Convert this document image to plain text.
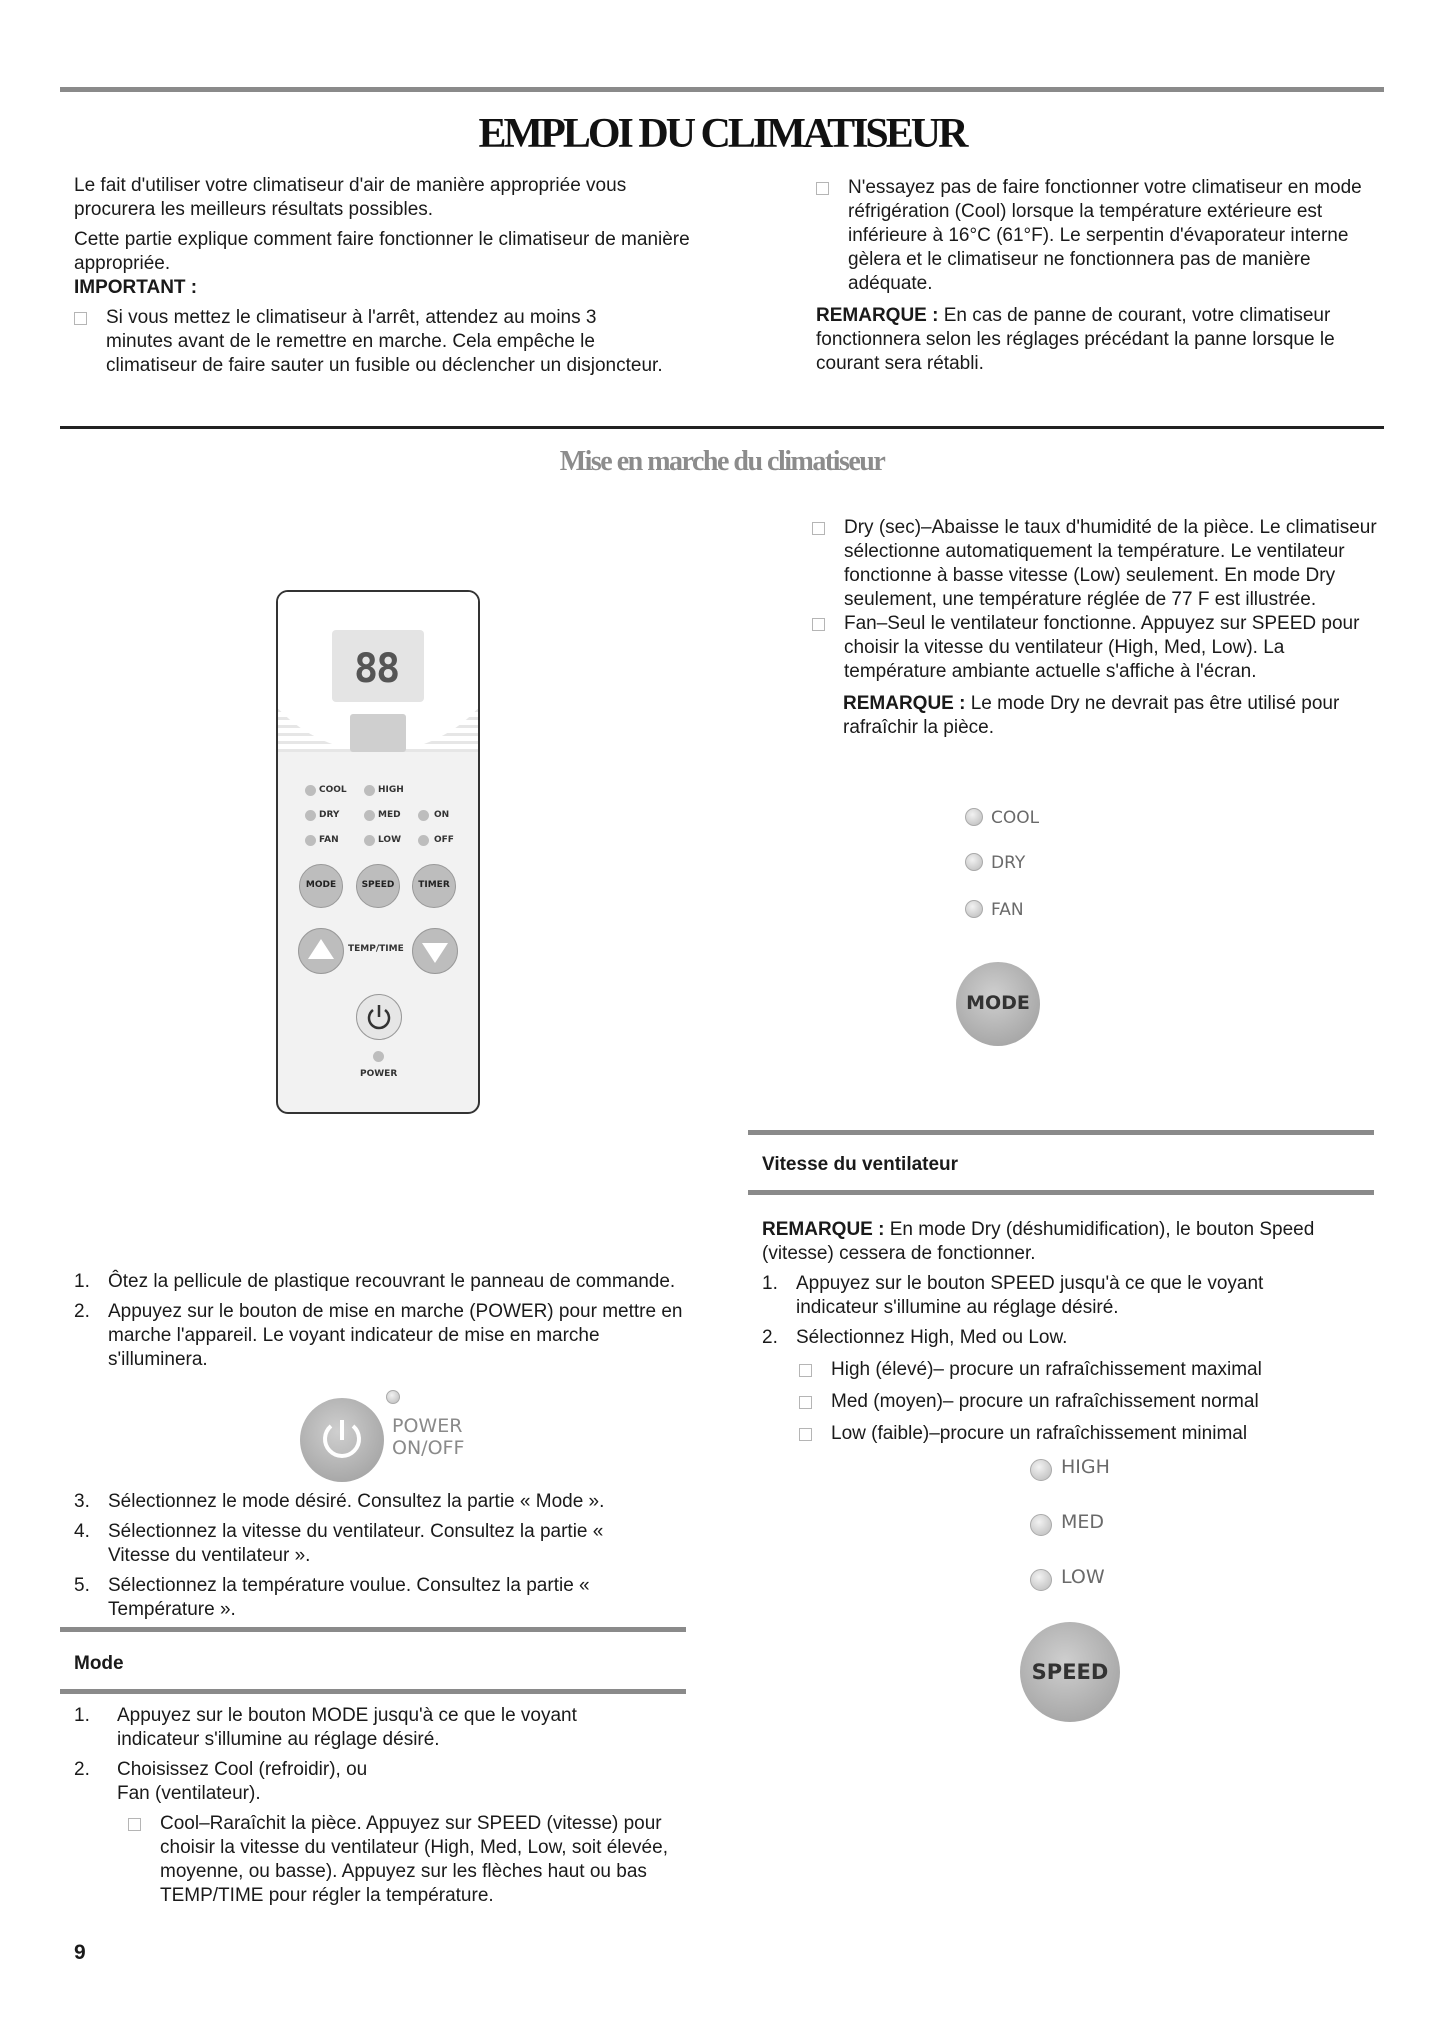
EMPLOI DU CLIMATISEUR

Le fait d'utiliser votre climatiseur d'air de manière appropriée vous procurera les meilleurs résultats possibles.

Cette partie explique comment faire fonctionner le climatiseur de manière appropriée.

IMPORTANT :

Si vous mettez le climatiseur à l'arrêt, attendez au moins 3 minutes avant de le remettre en marche. Cela empêche le climatiseur de faire sauter un fusible ou déclencher un disjoncteur.
N'essayez pas de faire fonctionner votre climatiseur en mode réfrigération (Cool) lorsque la température extérieure est inférieure à 16°C (61°F). Le serpentin d'évaporateur interne gèlera et le climatiseur ne fonctionnera pas de manière adéquate.

REMARQUE : En cas de panne de courant, votre climatiseur fonctionnera selon les réglages précédant la panne lorsque le courant sera rétabli.

Mise en marche du climatiseur
88
COOL	HIGH
DRY	MED	ON
FAN	LOW	OFF
MODE	SPEED	TIMER
TEMP/TIME
POWER
1. Ôtez la pellicule de plastique recouvrant le panneau de commande.
2. Appuyez sur le bouton de mise en marche (POWER) pour mettre en marche l'appareil. Le voyant indicateur de mise en marche s'illuminera.
POWER
ON/OFF
3. Sélectionnez le mode désiré. Consultez la partie « Mode ».
4. Sélectionnez la vitesse du ventilateur. Consultez la partie « Vitesse du ventilateur ».
5. Sélectionnez la température voulue. Consultez la partie « Température ».
Mode
1.	Appuyez sur le bouton MODE jusqu'à ce que le voyant indicateur s'illumine au réglage désiré.
2.	Choisissez Cool (refroidir), ou Fan (ventilateur).
Cool–Raraîchit la pièce. Appuyez sur SPEED (vitesse) pour choisir la vitesse du ventilateur (High, Med, Low, soit élevée, moyenne, ou basse). Appuyez sur les flèches haut ou bas TEMP/TIME pour régler la température.
9
Dry (sec)–Abaisse le taux d'humidité de la pièce. Le climatiseur sélectionne automatiquement la température. Le ventilateur fonctionne à basse vitesse (Low) seulement. En mode Dry seulement, une température réglée de 77 F est illustrée.
Fan–Seul le ventilateur fonctionne. Appuyez sur SPEED pour choisir la vitesse du ventilateur (High, Med, Low). La température ambiante actuelle s'affiche à l'écran.

REMARQUE : Le mode Dry ne devrait pas être utilisé pour rafraîchir la pièce.

COOL
DRY
FAN
MODE
Vitesse du ventilateur

REMARQUE : En mode Dry (déshumidification), le bouton Speed (vitesse) cessera de fonctionner.

1. Appuyez sur le bouton SPEED jusqu'à ce que le voyant indicateur s'illumine au réglage désiré.
2. Sélectionnez High, Med ou Low.
High (élevé)– procure un rafraîchissement maximal
Med (moyen)– procure un rafraîchissement normal
Low (faible)–procure un rafraîchissement minimal
HIGH
MED
LOW
SPEED
